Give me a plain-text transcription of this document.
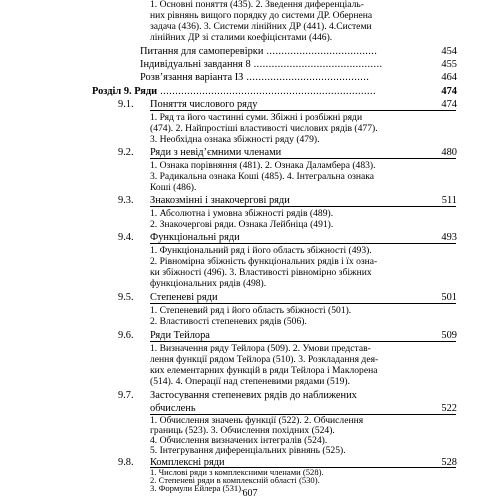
1. Основні поняття (435). 2. Зведення диференціаль-
них рівнянь вищого порядку до системи ДР. Обернена
задача (436). 3. Системи лінійних ДР (441). 4.Системи
лінійних ДР зі сталими коефіцієнтами (446).
Питання для самоперевірки .....................................	454
Індивідуальні завдання 8 ...........................................	455
Розв’язання варіанта ІЗ .........................................	464
Розділ 9. Ряди ........................................................................	474
9.1. Поняття числового ряду	474
1. Ряд та його частинні суми. Збіжні і розбіжні ряди
(474). 2. Найпростіші властивості числових рядів (477).
3. Необхідна ознака збіжності ряду (479).
9.2. Ряди з невід’ємними членами	480
1. Ознака порівняння (481). 2. Ознака Даламбера (483).
3. Радикальна ознака Коші (485). 4. Інтегральна ознака
Коші (486).
9.3. Знакозмінні і знакочергові ряди	511
1. Абсолютна і умовна збіжності рядів (489).
2. Знакочергові ряди. Ознака Лейбніца (491).
9.4. Функціональні ряди	493
1. Функціональний ряд і його область збіжності (493).
2. Рівномірна збіжність функціональних рядів і їх озна-
ки збіжності (496). 3. Властивості рівномірно збіжних
функціональних рядів (498).
9.5. Степеневі ряди	501
1. Степеневий ряд і його область збіжності (501).
2. Властивості степеневих рядів (506).
9.6. Ряди Тейлора	509
1. Визначення ряду Тейлора (509). 2. Умови представ-
лення функції рядом Тейлора (510). 3. Розкладання дея-
ких елементарних функцій в ряди Тейлора і Маклорена
(514). 4. Операції над степеневими рядами (519).
9.7. Застосування степеневих рядів до наближених
обчислень	522
1. Обчислення значень функції (522). 2. Обчислення
границь (523). 3. Обчислення похідних (524).
4. Обчислення визначених інтегралів (524).
5. Інтегрування диференціальних рівнянь (525).
9.8. Комплексні ряди	528
1. Числові ряди з комплексними членами (528).
2. Степеневі ряди в комплексній області (530).
3. Формули Ейлера (531). 607
